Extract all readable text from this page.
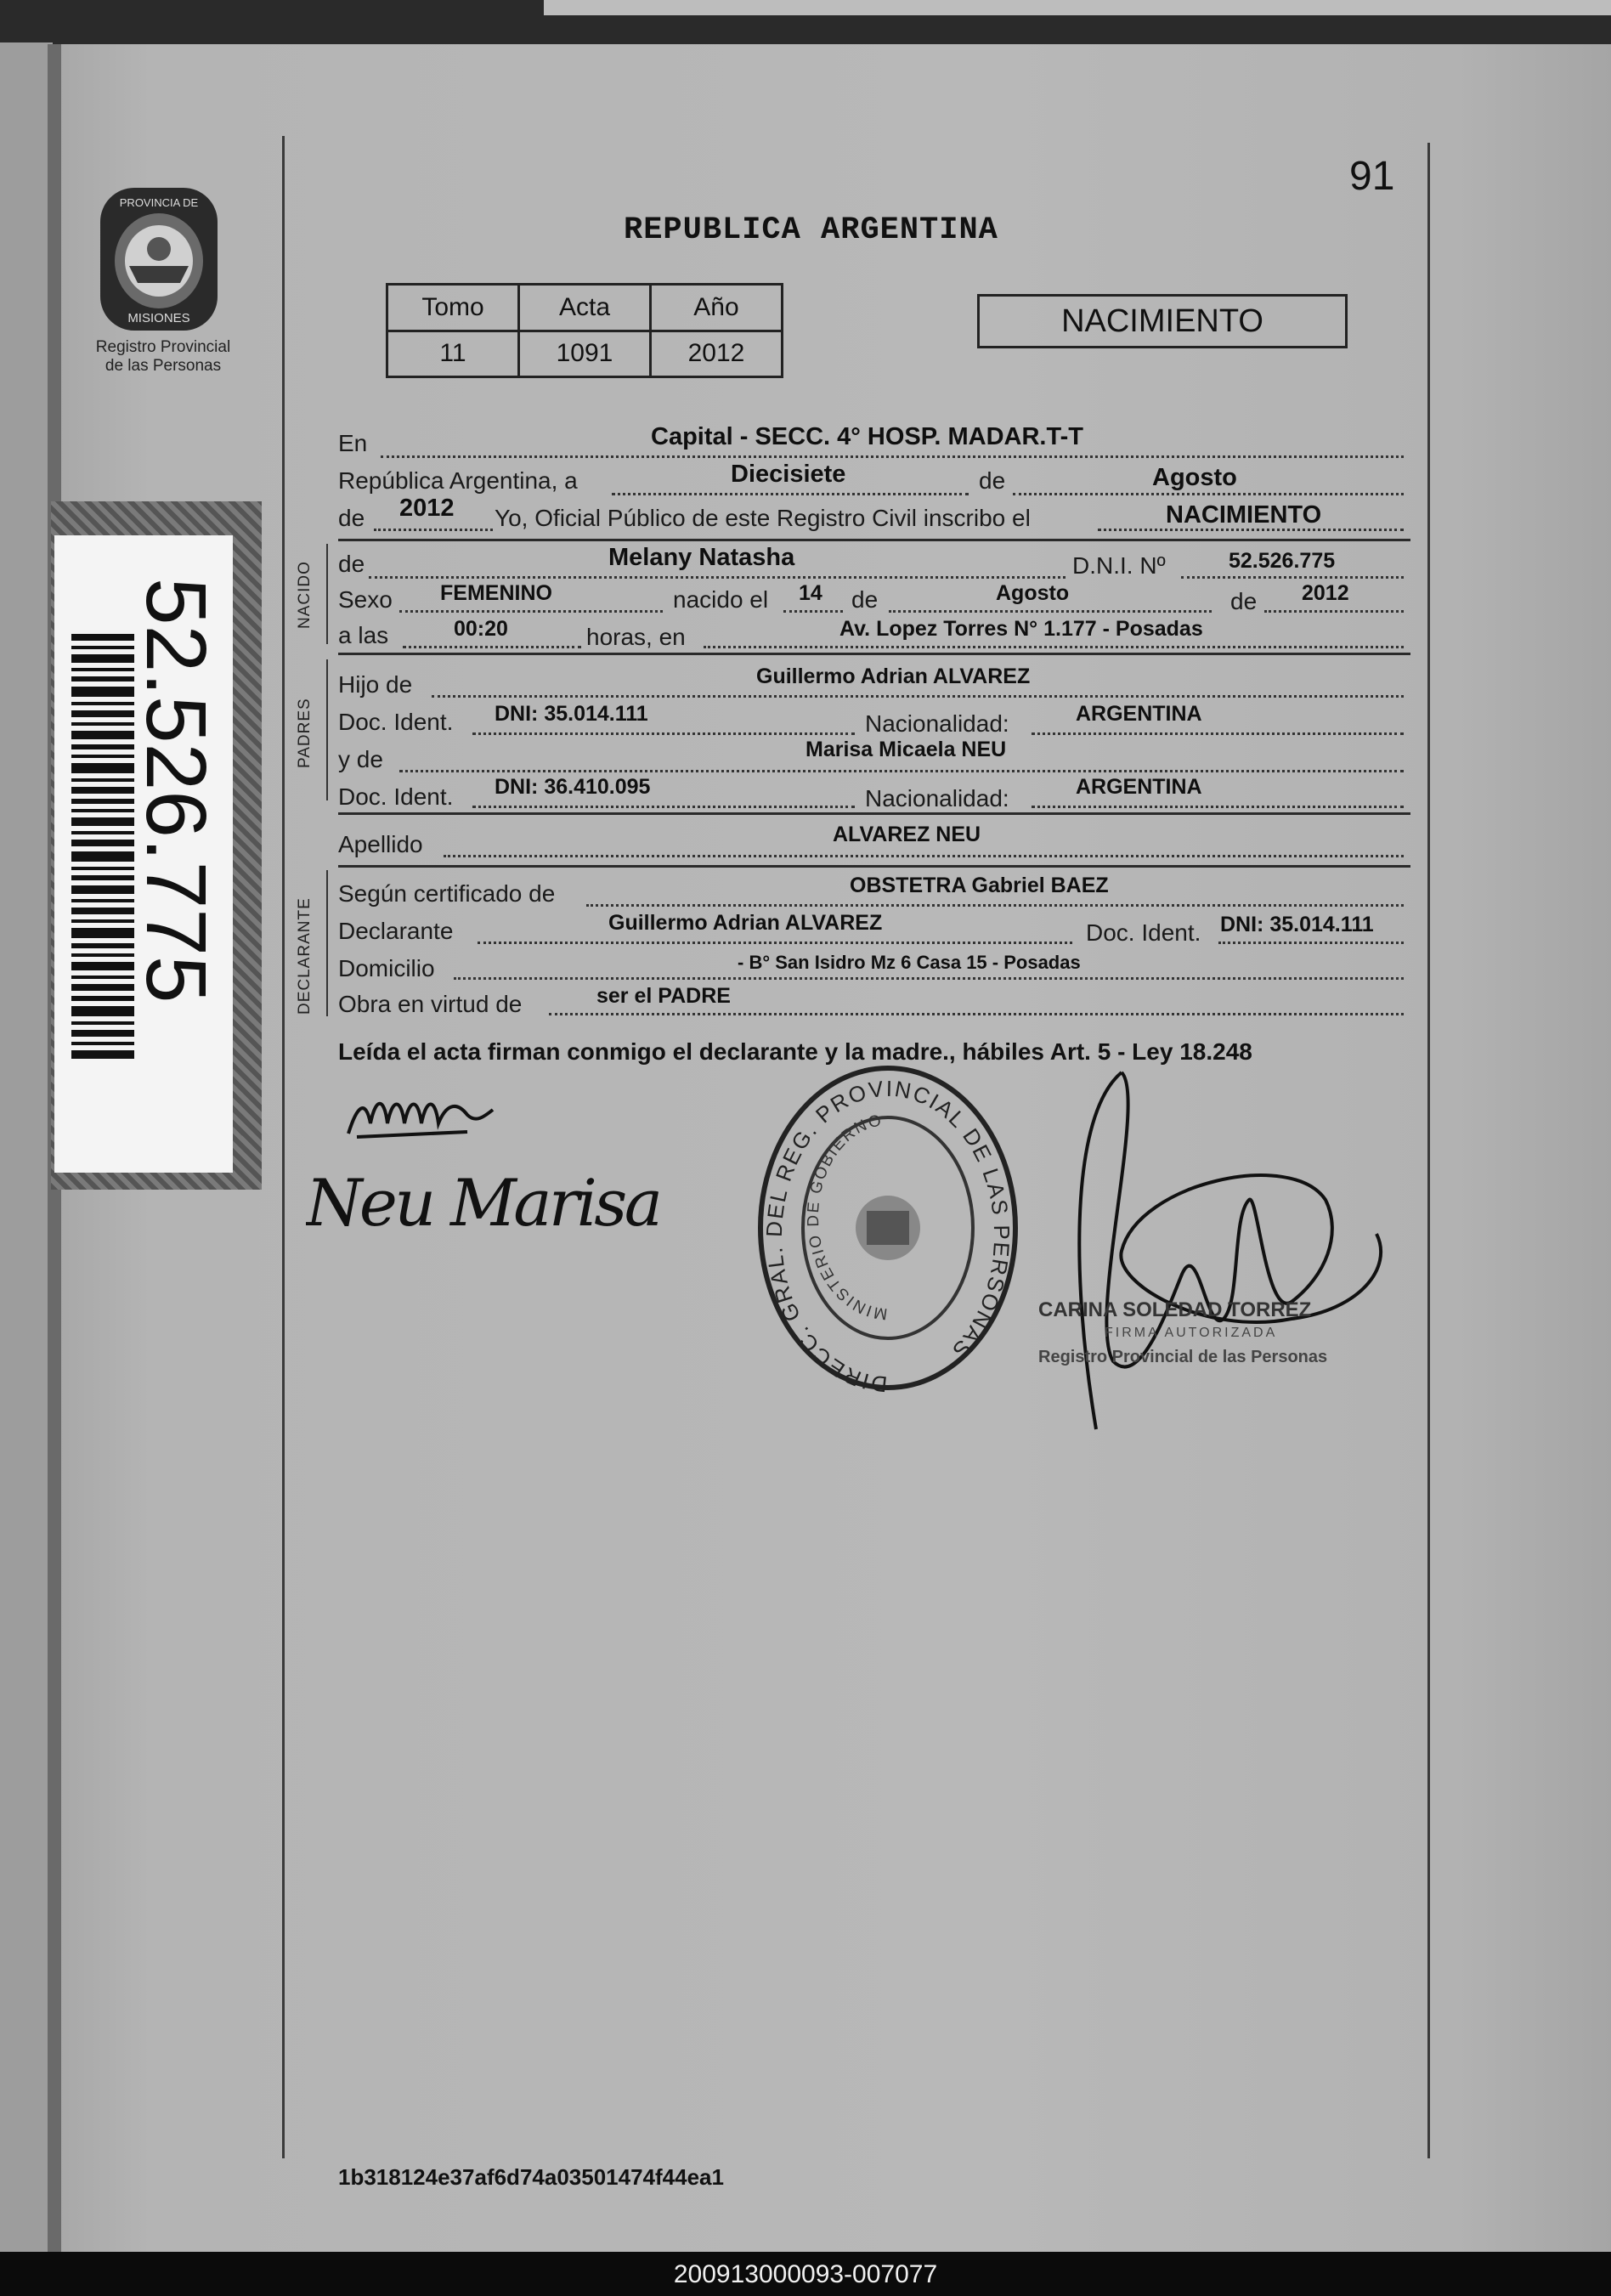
PROVINCIA DE
MISIONES
Registro Provincial
de las Personas
91
REPUBLICA ARGENTINA
Tomo	Acta	Año
11	1091	2012
NACIMIENTO
En	Capital - SECC. 4° HOSP. MADAR.T-T
República Argentina, a	Diecisiete	de	Agosto
de 2012 Yo, Oficial Público de este Registro Civil inscribo el	NACIMIENTO
NACIDO de	Melany Natasha	D.N.I. Nº	52.526.775
Sexo FEMENINO	nacido el 14 de	Agosto	de 2012
a las	00:20	horas, en	Av. Lopez Torres N° 1.177 - Posadas
PADRES
Hijo de	Guillermo Adrian ALVAREZ
Doc. Ident. DNI: 35.014.111	Nacionalidad:	ARGENTINA
y de	Marisa Micaela NEU
Doc. Ident. DNI: 36.410.095	Nacionalidad:	ARGENTINA
Apellido	ALVAREZ NEU
DECLARANTE
Según certificado de	OBSTETRA Gabriel BAEZ
Declarante	Guillermo Adrian ALVAREZ	Doc. Ident. DNI: 35.014.111
Domicilio	- B° San Isidro Mz 6 Casa 15 - Posadas
Obra en virtud de	ser el PADRE
Leída el acta firman conmigo el declarante y la madre., hábiles Art. 5 - Ley 18.248
Neu Marisa
DIRECC. GRAL. DEL REG. PROVINCIAL DE LAS PERSONAS
MINISTERIO DE GOBIERNO
CARINA SOLEDAD TORREZ
FIRMA AUTORIZADA
Registro Provincial de las Personas
52.526.775
1b318124e37af6d74a03501474f44ea1
200913000093-007077
